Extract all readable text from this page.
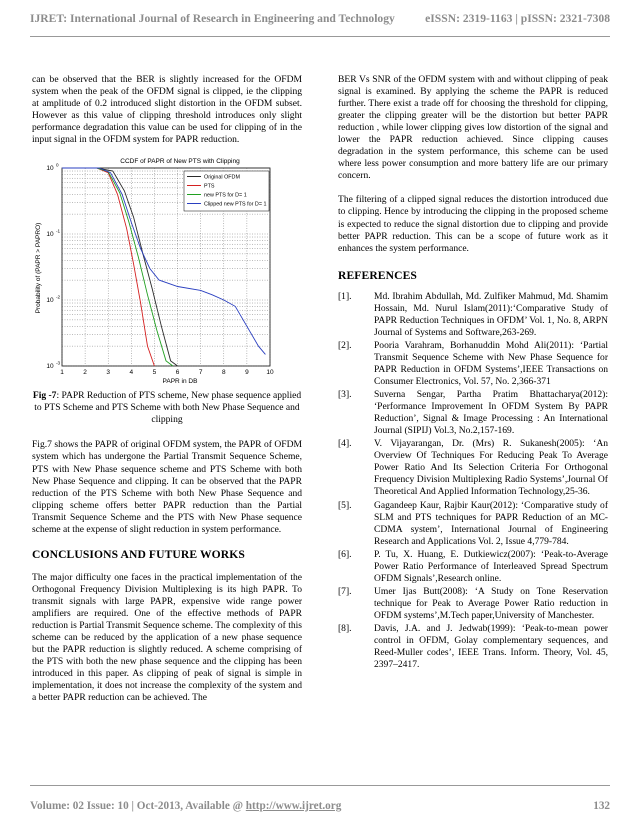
IJRET: International Journal of Research in Engineering and Technology	eISSN: 2319-1163 | pISSN: 2321-7308

can be observed that the BER is slightly increased for the OFDM system when the peak of the OFDM signal is clipped, ie the clipping at amplitude of 0.2 introduced slight distortion in the OFDM subset. However as this value of clipping threshold introduces only slight performance degradation this value can be used for clipping of in the input signal in the OFDM system for PAPR reduction.

1	2	3	4	5	6	7	8	9	10
10 0
10 -1
10 -2
10 -3
CCDF of PAPR of New PTS with Clipping
PAPR in DB
Probability of (PAPR > PAPRO)
Original OFDM
PTS
new PTS for D= 1
Clipped new PTS for D= 1

Fig -7: PAPR Reduction of PTS scheme, New phase sequence applied to PTS Scheme and PTS Scheme with both New Phase Sequence and clipping

Fig.7 shows the PAPR of original OFDM system, the PAPR of OFDM system which has undergone the Partial Transmit Sequence Scheme, PTS with New Phase sequence scheme and PTS Scheme with both New Phase Sequence and clipping. It can be observed that the PAPR reduction of the PTS Scheme with both New Phase Sequence and clipping scheme offers better PAPR reduction than the Partial Transmit Sequence Scheme and the PTS with New Phase sequence scheme at the expense of slight reduction in system performance.

CONCLUSIONS AND FUTURE WORKS

The major difficulty one faces in the practical implementation of the Orthogonal Frequency Division Multiplexing is its high PAPR. To transmit signals with large PAPR, expensive wide range power amplifiers are required. One of the effective methods of PAPR reduction is Partial Transmit Sequence scheme. The complexity of this scheme can be reduced by the application of a new phase sequence but the PAPR reduction is slightly reduced. A scheme comprising of the PTS with both the new phase sequence and the clipping has been introduced in this paper. As clipping of peak of signal is simple in implementation, it does not increase the complexity of the system and a better PAPR reduction can be achieved. The

BER Vs SNR of the OFDM system with and without clipping of peak signal is examined. By applying the scheme the PAPR is reduced further. There exist a trade off for choosing the threshold for clipping, greater the clipping greater will be the distortion but better PAPR reduction , while lower clipping gives low distortion of the signal and lower the PAPR reduction achieved. Since clipping causes degradation in the system performance, this scheme can be used where less power consumption and more battery life are our primary concern.

The filtering of a clipped signal reduces the distortion introduced due to clipping. Hence by introducing the clipping in the proposed scheme is expected to reduce the signal distortion due to clipping and provide better PAPR reduction. This can be a scope of future work as it enhances the system performance.

REFERENCES
[1]. Md. Ibrahim Abdullah, Md. Zulfiker Mahmud, Md. Shamim Hossain, Md. Nurul Islam(2011):‘Comparative Study of PAPR Reduction Techniques in OFDM’ Vol. 1, No. 8, ARPN Journal of Systems and Software,263-269.
[2]. Pooria Varahram, Borhanuddin Mohd Ali(2011): ‘Partial Transmit Sequence Scheme with New Phase Sequence for PAPR Reduction in OFDM Systems’,IEEE Transactions on Consumer Electronics, Vol. 57, No. 2,366-371
[3]. Suverna Sengar, Partha Pratim Bhattacharya(2012): ‘Performance Improvement In OFDM System By PAPR Reduction’, Signal & Image Processing : An International Journal (SIPIJ) Vol.3, No.2,157-169.
[4]. V. Vijayarangan, Dr. (Mrs) R. Sukanesh(2005): ‘An Overview Of Techniques For Reducing Peak To Average Power Ratio And Its Selection Criteria For Orthogonal Frequency Division Multiplexing Radio Systems’,Journal Of Theoretical And Applied Information Technology,25-36.
[5]. Gagandeep Kaur, Rajbir Kaur(2012): ‘Comparative study of SLM and PTS techniques for PAPR Reduction of an MC-CDMA system’, International Journal of Engineering Research and Applications Vol. 2, Issue 4,779-784.
[6]. P. Tu, X. Huang, E. Dutkiewicz(2007): ‘Peak-to-Average Power Ratio Performance of Interleaved Spread Spectrum OFDM Signals’,Research online.
[7]. Umer Ijas Butt(2008): ‘A Study on Tone Reservation technique for Peak to Average Power Ratio reduction in OFDM systems’,M.Tech paper,University of Manchester.
[8]. Davis, J.A. and J. Jedwab(1999): ‘Peak-to-mean power control in OFDM, Golay complementary sequences, and Reed-Muller codes’, IEEE Trans. Inform. Theory, Vol. 45, 2397–2417.
Volume: 02 Issue: 10 | Oct-2013, Available @ http://www.ijret.org	132
